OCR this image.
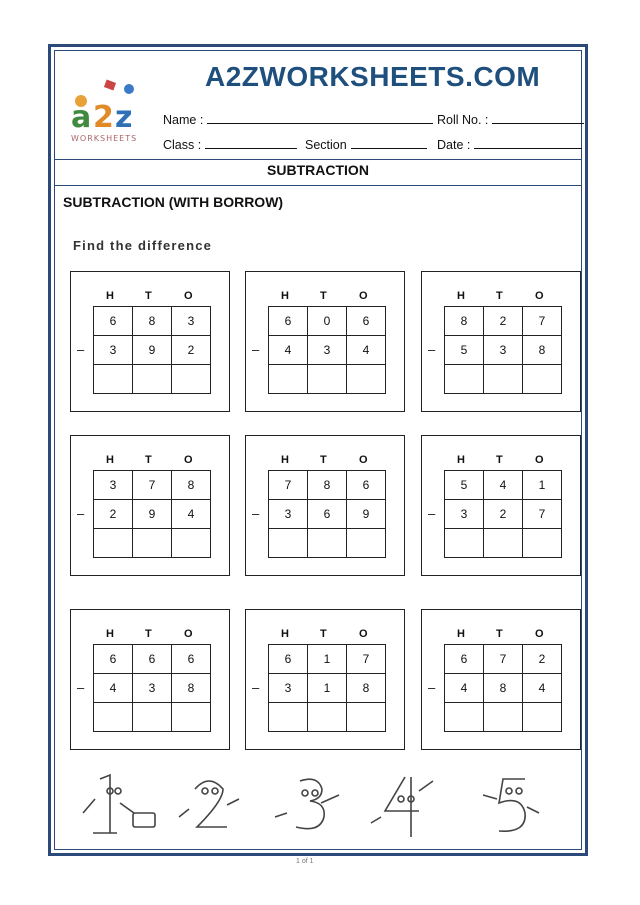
a 2 z
WORKSHEETS
A2ZWORKSHEETS.COM
Name :	Roll No. :
Class :	Section	Date :
SUBTRACTION
SUBTRACTION (WITH BORROW)
Find the difference
H	T	O
–
6	8	3
3	9	2

H	T	O
–
6	0	6
4	3	4

H	T	O
–
8	2	7
5	3	8

H	T	O
–
3	7	8
2	9	4

H	T	O
–
7	8	6
3	6	9

H	T	O
–
5	4	1
3	2	7

H	T	O
–
6	6	6
4	3	8

H	T	O
–
6	1	7
3	1	8

H	T	O
–
6	7	2
4	8	4

1 of 1
